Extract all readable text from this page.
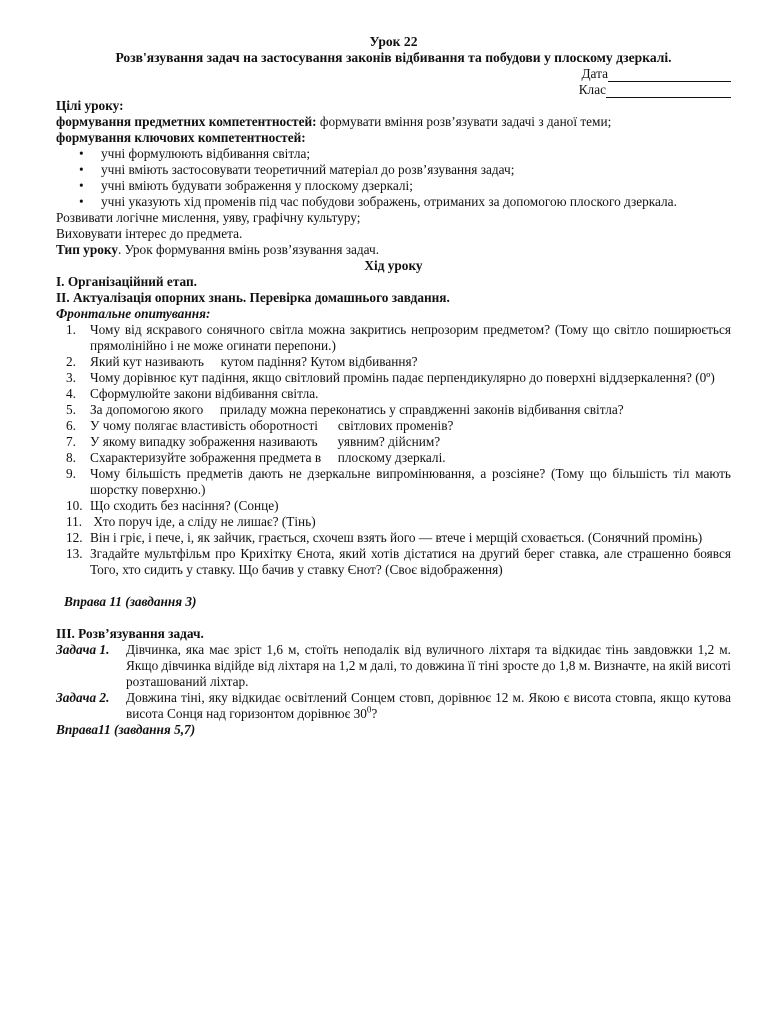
Урок 22
Розв'язування задач на застосування законів відбивання та побудови у плоскому дзеркалі.
Дата
Клас
Цілі уроку:
формування предметних компетентностей: формувати вміння розв’язувати задачі з даної теми;
формування ключових компетентностей:
• учні формулюють відбивання світла;
• учні вміють застосовувати теоретичний матеріал до розв’язування задач;
• учні вміють будувати зображення у плоскому дзеркалі;
• учні указують хід променів під час побудови зображень, отриманих за допомогою плоского дзеркала.
Розвивати логічне мислення, уяву, графічну культуру;
Виховувати інтерес до предмета.
Тип уроку. Урок формування вмінь розв’язування задач.
Хід уроку
І. Організаційний етап.
ІІ. Актуалізація опорних знань. Перевірка домашнього завдання.
Фронтальне опитування:
1. Чому від яскравого сонячного світла можна закритись непрозорим предметом? (Тому що світло поширюється прямолінійно і не може огинати перепони.)
2. Який кут називають     кутом падіння? Кутом відбивання?
3. Чому дорівнює кут падіння, якщо світловий промінь падає перпендикулярно до поверхні віддзеркалення? (0º)
4. Сформулюйте закони відбивання світла.
5. За допомогою якого     приладу можна переконатись у справдженні законів відбивання світла?
6. У чому полягає властивість оборотності      світлових променів?
7. У якому випадку зображення називають      уявним? дійсним?
8. Схарактеризуйте зображення предмета в     плоскому дзеркалі.
9. Чому більшість предметів дають не дзеркальне випромінювання, а розсіяне? (Тому що більшість тіл мають шорстку поверхню.)
10. Що сходить без насіння? (Сонце)
11. Хто поруч іде, а сліду не лишає? (Тінь)
12. Він і гріє, і пече, і, як зайчик, грається, схочеш взять його — втече і мерщій сховається. (Сонячний промінь)
13. Згадайте мультфільм про Крихітку Єнота, який хотів дістатися на другий берег ставка, але страшенно боявся Того, хто сидить у ставку. Що бачив у ставку Єнот? (Своє відображення)
Вправа 11 (завдання 3)
ІІІ. Розв’язування задач.
Задача 1. Дівчинка, яка має зріст 1,6 м, стоїть неподалік від вуличного ліхтаря та відкидає тінь завдовжки 1,2 м. Якщо дівчинка відійде від ліхтаря на 1,2 м далі, то довжина її тіні зросте до 1,8 м. Визначте, на якій висоті розташований ліхтар.
Задача 2. Довжина тіні, яку відкидає освітлений Сонцем стовп, дорівнює 12 м. Якою є висота стовпа, якщо кутова висота Сонця над горизонтом дорівнює $30^0$?
Вправа11 (завдання 5,7)
